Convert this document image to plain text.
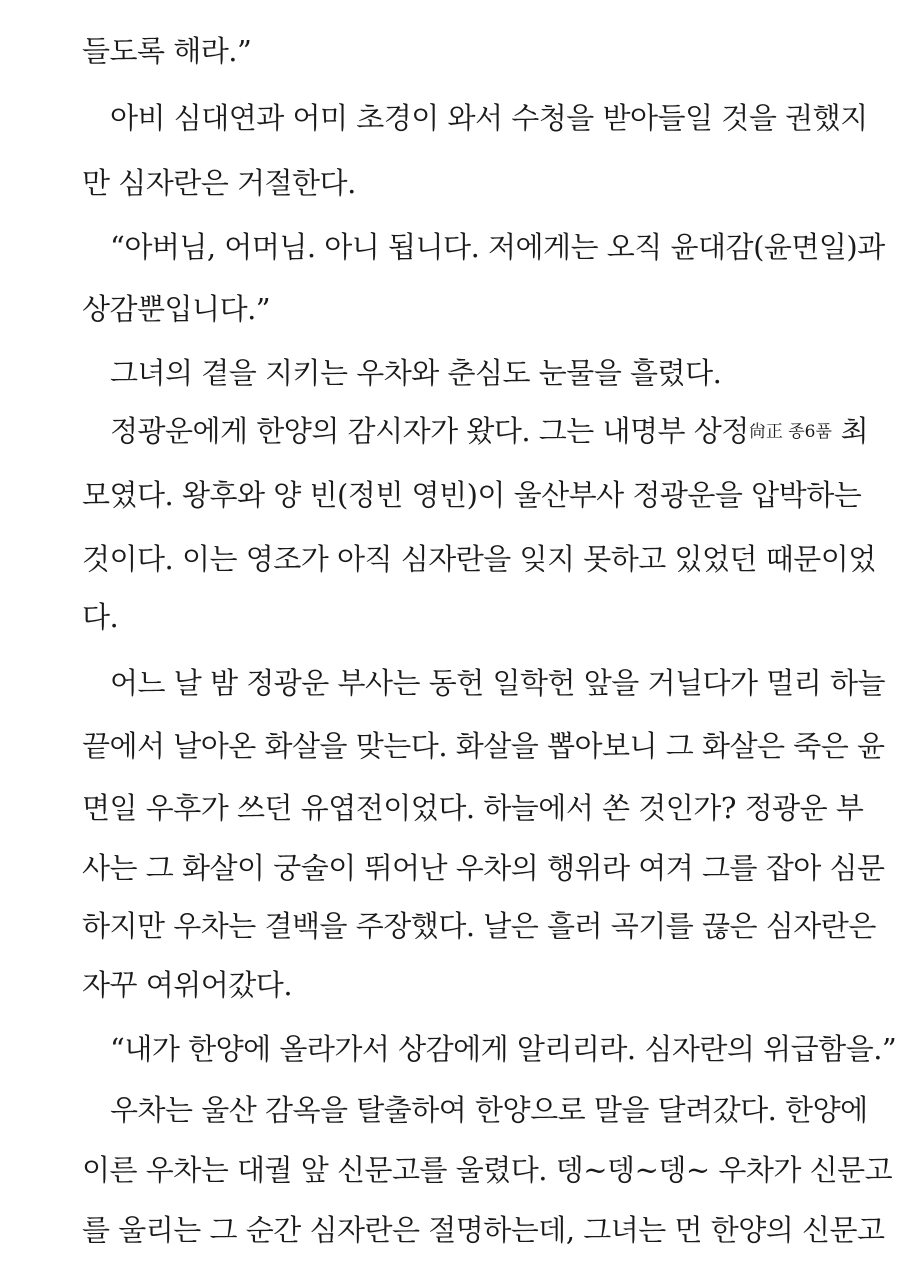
들도록 해라.”
아비 심대연과 어미 초경이 와서 수청을 받아들일 것을 권했지
만 심자란은 거절한다.
“아버님, 어머님. 아니 됩니다. 저에게는 오직 윤대감(윤면일)과
상감뿐입니다.”
그녀의 곁을 지키는 우차와 춘심도 눈물을 흘렸다.
정광운에게 한양의 감시자가 왔다. 그는 내명부 상정尙正 종6품 최
모였다. 왕후와 양 빈(정빈 영빈)이 울산부사 정광운을 압박하는
것이다. 이는 영조가 아직 심자란을 잊지 못하고 있었던 때문이었
다.
어느 날 밤 정광운 부사는 동헌 일학헌 앞을 거닐다가 멀리 하늘
끝에서 날아온 화살을 맞는다. 화살을 뽑아보니 그 화살은 죽은 윤
면일 우후가 쓰던 유엽전이었다. 하늘에서 쏜 것인가? 정광운 부
사는 그 화살이 궁술이 뛰어난 우차의 행위라 여겨 그를 잡아 심문
하지만 우차는 결백을 주장했다. 날은 흘러 곡기를 끊은 심자란은
자꾸 여위어갔다.
“내가 한양에 올라가서 상감에게 알리리라. 심자란의 위급함을.”
우차는 울산 감옥을 탈출하여 한양으로 말을 달려갔다. 한양에
이른 우차는 대궐 앞 신문고를 울렸다. 뎅~뎅~뎅~ 우차가 신문고
를 울리는 그 순간 심자란은 절명하는데, 그녀는 먼 한양의 신문고
